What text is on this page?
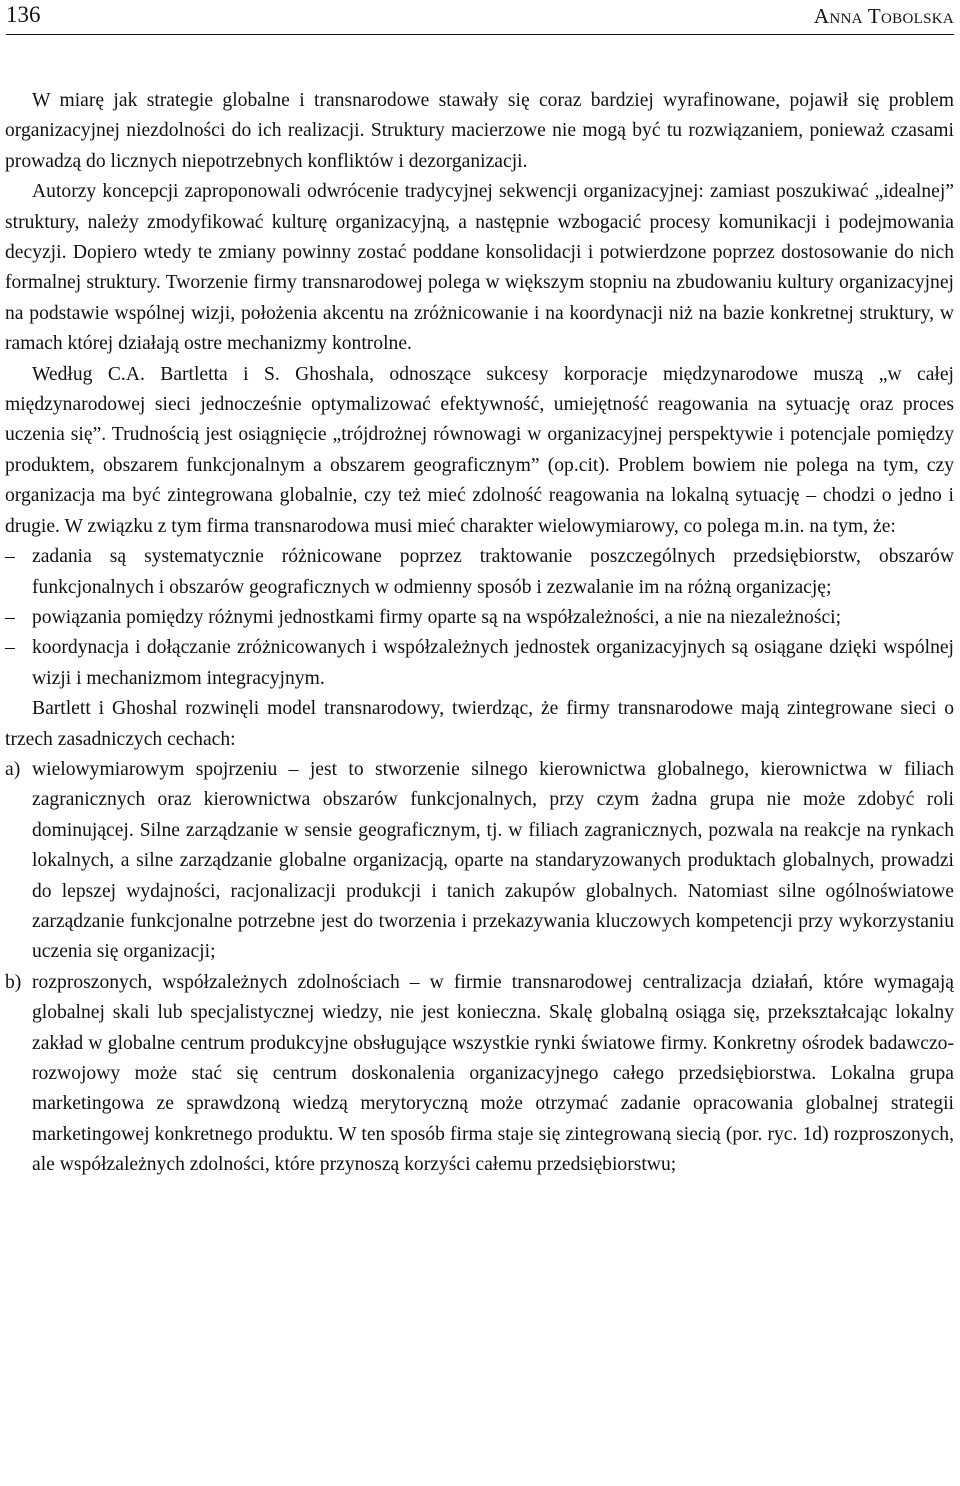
136	Anna Tobolska

W miarę jak strategie globalne i transnarodowe stawały się coraz bardziej wyrafinowane, pojawił się problem organizacyjnej niezdolności do ich realizacji. Struktury macierzowe nie mogą być tu rozwiązaniem, ponieważ czasami prowadzą do licznych niepotrzebnych konfliktów i dezorganizacji.

Autorzy koncepcji zaproponowali odwrócenie tradycyjnej sekwencji organizacyjnej: zamiast poszukiwać „idealnej” struktury, należy zmodyfikować kulturę organizacyjną, a następnie wzbogacić procesy komunikacji i podejmowania decyzji. Dopiero wtedy te zmiany powinny zostać poddane konsolidacji i potwierdzone poprzez dostosowanie do nich formalnej struktury. Tworzenie firmy transnarodowej polega w większym stopniu na zbudowaniu kultury organizacyjnej na podstawie wspólnej wizji, położenia akcentu na zróżnicowanie i na koordynacji niż na bazie konkretnej struktury, w ramach której działają ostre mechanizmy kontrolne.

Według C.A. Bartletta i S. Ghoshala, odnoszące sukcesy korporacje międzynarodowe muszą „w całej międzynarodowej sieci jednocześnie optymalizować efektywność, umiejętność reagowania na sytuację oraz proces uczenia się”. Trudnością jest osiągnięcie „trójdrożnej równowagi w organizacyjnej perspektywie i potencjale pomiędzy produktem, obszarem funkcjonalnym a obszarem geograficznym” (op.cit). Problem bowiem nie polega na tym, czy organizacja ma być zintegrowana globalnie, czy też mieć zdolność reagowania na lokalną sytuację – chodzi o jedno i drugie. W związku z tym firma transnarodowa musi mieć charakter wielowymiarowy, co polega m.in. na tym, że:

– zadania są systematycznie różnicowane poprzez traktowanie poszczególnych przedsiębiorstw, obszarów funkcjonalnych i obszarów geograficznych w odmienny sposób i zezwalanie im na różną organizację;
– powiązania pomiędzy różnymi jednostkami firmy oparte są na współzależności, a nie na niezależności;
– koordynacja i dołączanie zróżnicowanych i współzależnych jednostek organizacyjnych są osiągane dzięki wspólnej wizji i mechanizmom integracyjnym.

Bartlett i Ghoshal rozwinęli model transnarodowy, twierdząc, że firmy transnarodowe mają zintegrowane sieci o trzech zasadniczych cechach:

a) wielowymiarowym spojrzeniu – jest to stworzenie silnego kierownictwa globalnego, kierownictwa w filiach zagranicznych oraz kierownictwa obszarów funkcjonalnych, przy czym żadna grupa nie może zdobyć roli dominującej. Silne zarządzanie w sensie geograficznym, tj. w filiach zagranicznych, pozwala na reakcje na rynkach lokalnych, a silne zarządzanie globalne organizacją, oparte na standaryzowanych produktach globalnych, prowadzi do lepszej wydajności, racjonalizacji produkcji i tanich zakupów globalnych. Natomiast silne ogólnoświatowe zarządzanie funkcjonalne potrzebne jest do tworzenia i przekazywania kluczowych kompetencji przy wykorzystaniu uczenia się organizacji;
b) rozproszonych, współzależnych zdolnościach – w firmie transnarodowej centralizacja działań, które wymagają globalnej skali lub specjalistycznej wiedzy, nie jest konieczna. Skalę globalną osiąga się, przekształcając lokalny zakład w globalne centrum produkcyjne obsługujące wszystkie rynki światowe firmy. Konkretny ośrodek badawczo-rozwojowy może stać się centrum doskonalenia organizacyjnego całego przedsiębiorstwa. Lokalna grupa marketingowa ze sprawdzoną wiedzą merytoryczną może otrzymać zadanie opracowania globalnej strategii marketingowej konkretnego produktu. W ten sposób firma staje się zintegrowaną siecią (por. ryc. 1d) rozproszonych, ale współzależnych zdolności, które przynoszą korzyści całemu przedsiębiorstwu;
